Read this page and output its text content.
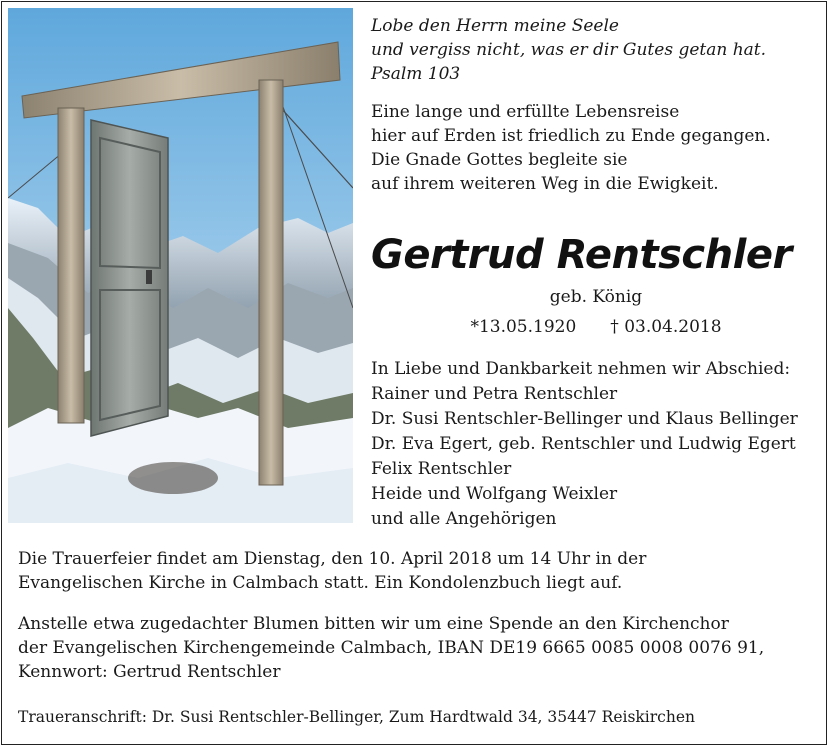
Lobe den Herrn meine Seele
und vergiss nicht, was er dir Gutes getan hat.
Psalm 103
Eine lange und erfüllte Lebensreise
hier auf Erden ist friedlich zu Ende gegangen.
Die Gnade Gottes begleite sie
auf ihrem weiteren Weg in die Ewigkeit.
Gertrud Rentschler
geb. König
*13.05.1920 † 03.04.2018
In Liebe und Dankbarkeit nehmen wir Abschied:
Rainer und Petra Rentschler
Dr. Susi Rentschler-Bellinger und Klaus Bellinger
Dr. Eva Egert, geb. Rentschler und Ludwig Egert
Felix Rentschler
Heide und Wolfgang Weixler
und alle Angehörigen
Die Trauerfeier findet am Dienstag, den 10. April 2018 um 14 Uhr in der
Evangelischen Kirche in Calmbach statt. Ein Kondolenzbuch liegt auf.
Anstelle etwa zugedachter Blumen bitten wir um eine Spende an den Kirchenchor
der Evangelischen Kirchengemeinde Calmbach, IBAN DE19 6665 0085 0008 0076 91,
Kennwort: Gertrud Rentschler
Traueranschrift: Dr. Susi Rentschler-Bellinger, Zum Hardtwald 34, 35447 Reiskirchen
